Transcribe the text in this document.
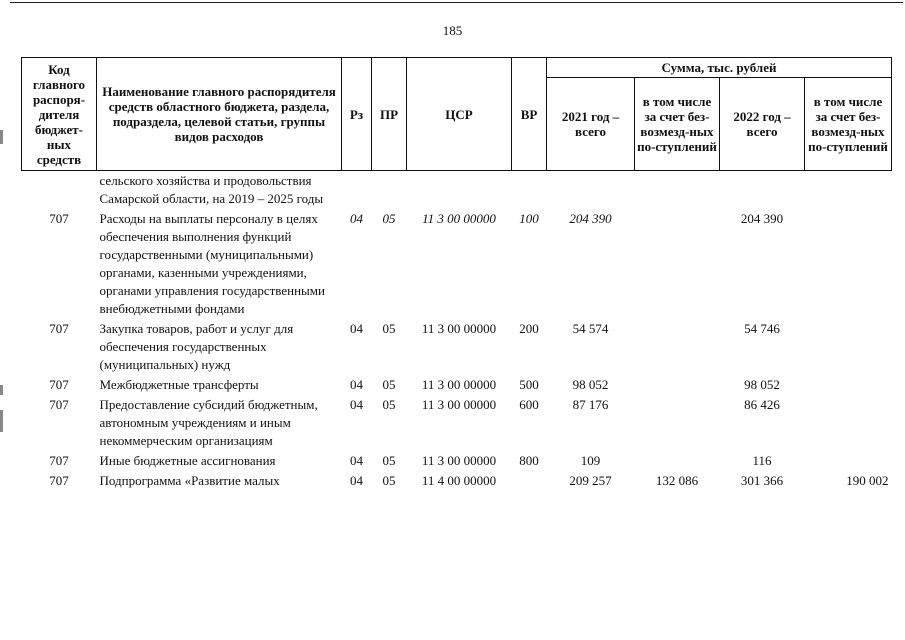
185
Код главного распоря-дителя бюджет-ных средств	Наименование главного распорядителя средств областного бюджета, раздела, подраздела, целевой статьи, группы видов расходов	Рз	ПР	ЦСР	ВР	Сумма, тыс. рублей			
						2021 год – всего	в том числе за счет без-возмезд-ных по-ступлений	2022 год – всего	в том числе за счет без-возмезд-ных по-ступлений
	сельского хозяйства и продовольствия Самарской области, на 2019 – 2025 годы								
707	Расходы на выплаты персоналу в целях обеспечения выполнения функций государственными (муниципальными) органами, казенными учреждениями, органами управления государственными внебюджетными фондами	04	05	11 3 00 00000	100	204 390		204 390	
707	Закупка товаров, работ и услуг для обеспечения государственных (муниципальных) нужд	04	05	11 3 00 00000	200	54 574		54 746	
707	Межбюджетные трансферты	04	05	11 3 00 00000	500	98 052		98 052	
707	Предоставление субсидий бюджетным, автономным учреждениям и иным некоммерческим организациям	04	05	11 3 00 00000	600	87 176		86 426	
707	Иные бюджетные ассигнования	04	05	11 3 00 00000	800	109		116	
707	Подпрограмма «Развитие малых	04	05	11 4 00 00000		209 257	132 086	301 366	190 002
